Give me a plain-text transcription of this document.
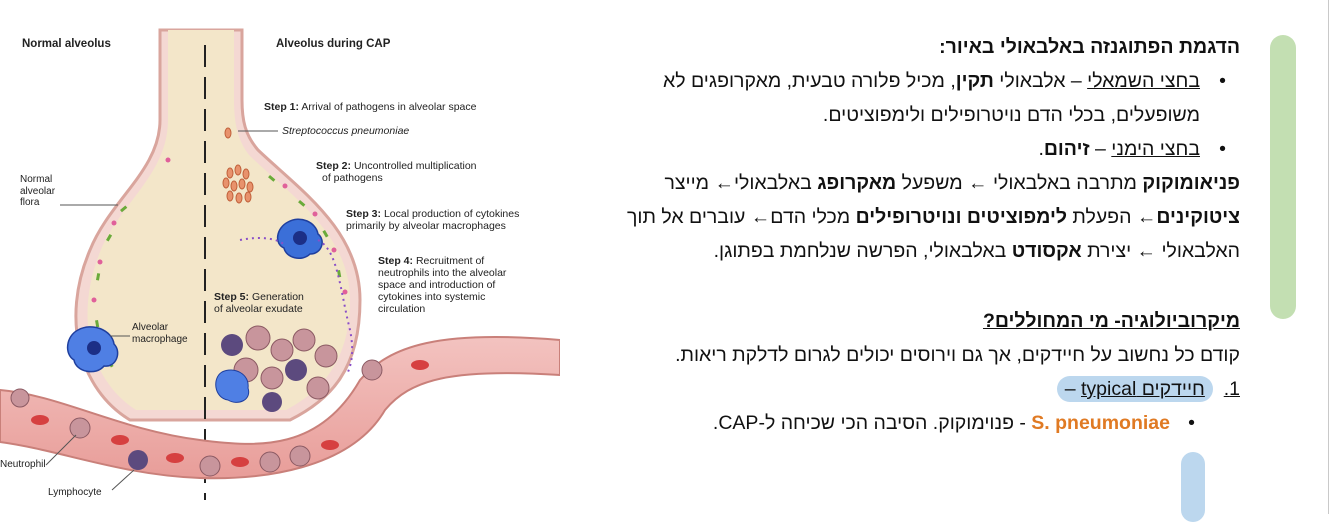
Normal alveolus	Alveolus during CAP
Step 1: Arrival of pathogens in alveolar space
Streptococcus pneumoniae
Step 2: Uncontrolled multiplication
of pathogens
Step 3: Local production of cytokines
primarily by alveolar macrophages
Step 4: Recruitment of
neutrophils into the alveolar
space and introduction of
cytokines into systemic
circulation
Step 5: Generation
of alveolar exudate
Normal
alveolar
flora
Alveolar
macrophage
Neutrophil
Lymphocyte

הדגמת הפתוגנזה באלבאולי באיור:

•
בחצי השמאלי – אלבאולי תקין, מכיל פלורה טבעית, מאקרופגים לא

משופעלים, בכלי הדם נויטרופילים ולימפוציטים.

•
בחצי הימני – זיהום.

פניאומוקוק מתרבה באלבאולי ← משפעל מאקרופג באלבאולי← מייצר
ציטוקינים← הפעלת לימפוציטים ונויטרופילים מכלי הדם← עוברים אל תוך
האלבאולי ← יצירת אקסודט באלבאולי, הפרשה שנלחמת בפתוגן.

מיקרוביולוגיה- מי המחוללים?

קודם כל נחשוב על חיידקים, אך גם וירוסים יכולים לגרום לדלקת ריאות.

1.  חיידקים typical –

•
S. pneumoniae - פנוימוקוק. הסיבה הכי שכיחה ל-CAP.
